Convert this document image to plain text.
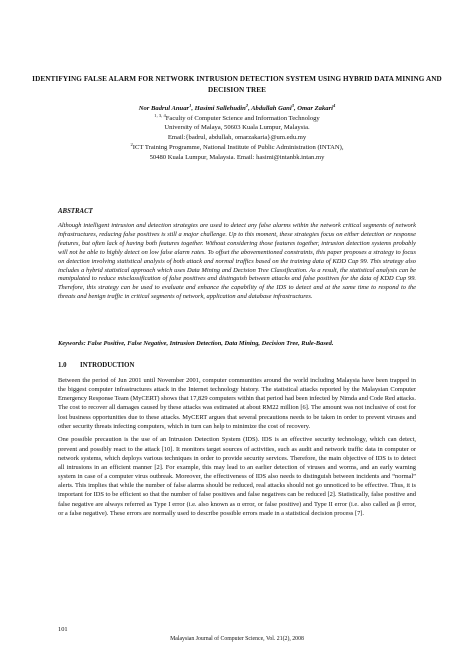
IDENTIFYING FALSE ALARM FOR NETWORK INTRUSION DETECTION SYSTEM USING HYBRID DATA MINING AND DECISION TREE
Nor Badrul Anuar$^1$, Hasimi Sallehudin$^2$, Abdullah Gani$^3$, Omar Zakari$^4$
$^{1, 3, 4}$Faculty of Computer Science and Information Technology
University of Malaya, 50603 Kuala Lumpur, Malaysia.
Email:{badrul, abdullah, omarzakaria}@um.edu.my
$^2$ICT Training Programme, National Institute of Public Administration (INTAN),
50480 Kuala Lumpur, Malaysia. Email: hasimi@intanbk.intan.my
ABSTRACT
Although intelligent intrusion and detection strategies are used to detect any false alarms within the network critical segments of network infrastructures, reducing false positives is still a major challenge. Up to this moment, these strategies focus on either detection or response features, but often lack of having both features together. Without considering those features together, intrusion detection systems probably will not be able to highly detect on low false alarm rates. To offset the abovementioned constraints, this paper proposes a strategy to focus on detection involving statistical analysis of both attack and normal traffics based on the training data of KDD Cup 99. This strategy also includes a hybrid statistical approach which uses Data Mining and Decision Tree Classification. As a result, the statistical analysis can be manipulated to reduce misclassification of false positives and distinguish between attacks and false positives for the data of KDD Cup 99. Therefore, this strategy can be used to evaluate and enhance the capability of the IDS to detect and at the same time to respond to the threats and benign traffic in critical segments of network, application and database infrastructures.
Keywords: False Positive, False Negative, Intrusion Detection, Data Mining, Decision Tree, Rule-Based.
1.0 INTRODUCTION

Between the period of Jun 2001 until November 2001, computer communities around the world including Malaysia have been trapped in the biggest computer infrastructures attack in the Internet technology history. The statistical attacks reported by the Malaysian Computer Emergency Response Team (MyCERT) shows that 17,829 computers within that period had been infected by Nimda and Code Red attacks. The cost to recover all damages caused by these attacks was estimated at about RM22 million [6]. The amount was not inclusive of cost for lost business opportunities due to these attacks. MyCERT argues that several precautions needs to be taken in order to prevent viruses and other security threats infecting computers, which in turn can help to minimize the cost of recovery.

One possible precaution is the use of an Intrusion Detection System (IDS). IDS is an effective security technology, which can detect, prevent and possibly react to the attack [10]. It monitors target sources of activities, such as audit and network traffic data in computer or network systems, which deploys various techniques in order to provide security services. Therefore, the main objective of IDS is to detect all intrusions in an efficient manner [2]. For example, this may lead to an earlier detection of viruses and worms, and an early warning system in case of a computer virus outbreak. Moreover, the effectiveness of IDS also needs to distinguish between incidents and “normal” alerts. This implies that while the number of false alarms should be reduced, real attacks should not go unnoticed to be effective. Thus, it is important for IDS to be efficient so that the number of false positives and false negatives can be reduced [2]. Statistically, false positive and false negative are always referred as Type I error (i.e. also known as α error, or false positive) and Type II error (i.e. also called as β error, or a false negative). These errors are normally used to describe possible errors made in a statistical decision process [7].

101
Malaysian Journal of Computer Science, Vol. 21(2), 2008
